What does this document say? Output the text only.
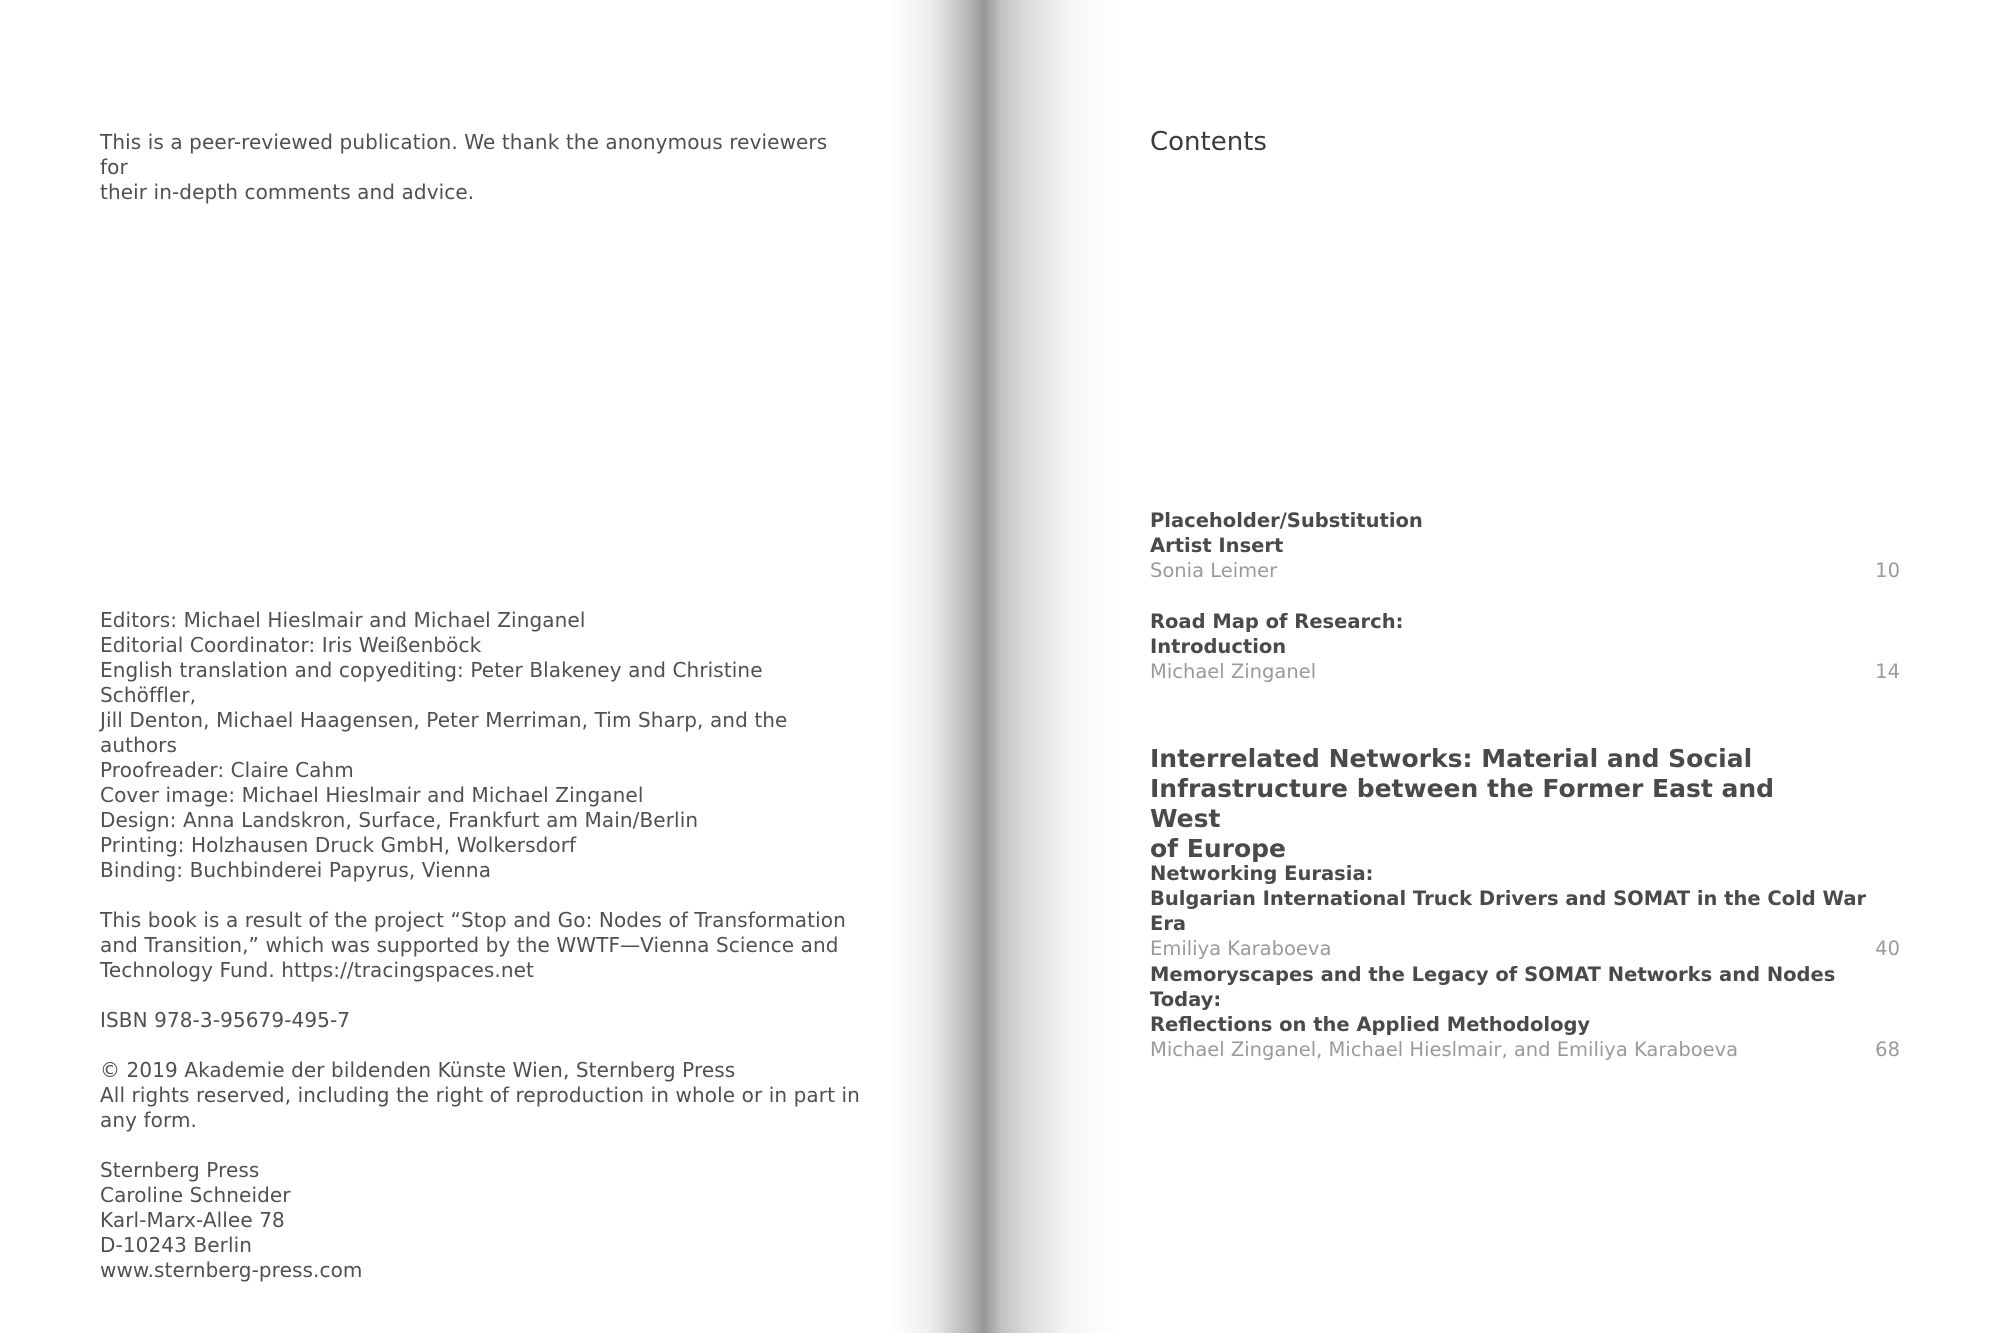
This is a peer-reviewed publication. We thank the anonymous reviewers for

their in-depth comments and advice.

Editors: Michael Hieslmair and Michael Zinganel

Editorial Coordinator: Iris Weißenböck

English translation and copyediting: Peter Blakeney and Christine Schöffler,

Jill Denton, Michael Haagensen, Peter Merriman, Tim Sharp, and the authors

Proofreader: Claire Cahm

Cover image: Michael Hieslmair and Michael Zinganel

Design: Anna Landskron, Surface, Frankfurt am Main/Berlin

Printing: Holzhausen Druck GmbH, Wolkersdorf

Binding: Buchbinderei Papyrus, Vienna

This book is a result of the project “Stop and Go: Nodes of Transformation

and Transition,” which was supported by the WWTF—Vienna Science and

Technology Fund. https://tracingspaces.net

ISBN 978-3-95679-495-7

© 2019 Akademie der bildenden Künste Wien, Sternberg Press

All rights reserved, including the right of reproduction in whole or in part in

any form.

Sternberg Press

Caroline Schneider

Karl-Marx-Allee 78

D-10243 Berlin

www.sternberg-press.com

Contents
Placeholder/Substitution
Artist Insert
Sonia Leimer	10
Road Map of Research:
Introduction
Michael Zinganel	14
Interrelated Networks: Material and Social
Infrastructure between the Former East and West
of Europe
Networking Eurasia:
Bulgarian International Truck Drivers and SOMAT in the Cold War Era
Emiliya Karaboeva	40
Memoryscapes and the Legacy of SOMAT Networks and Nodes Today:
Reflections on the Applied Methodology
Michael Zinganel, Michael Hieslmair, and Emiliya Karaboeva	68
